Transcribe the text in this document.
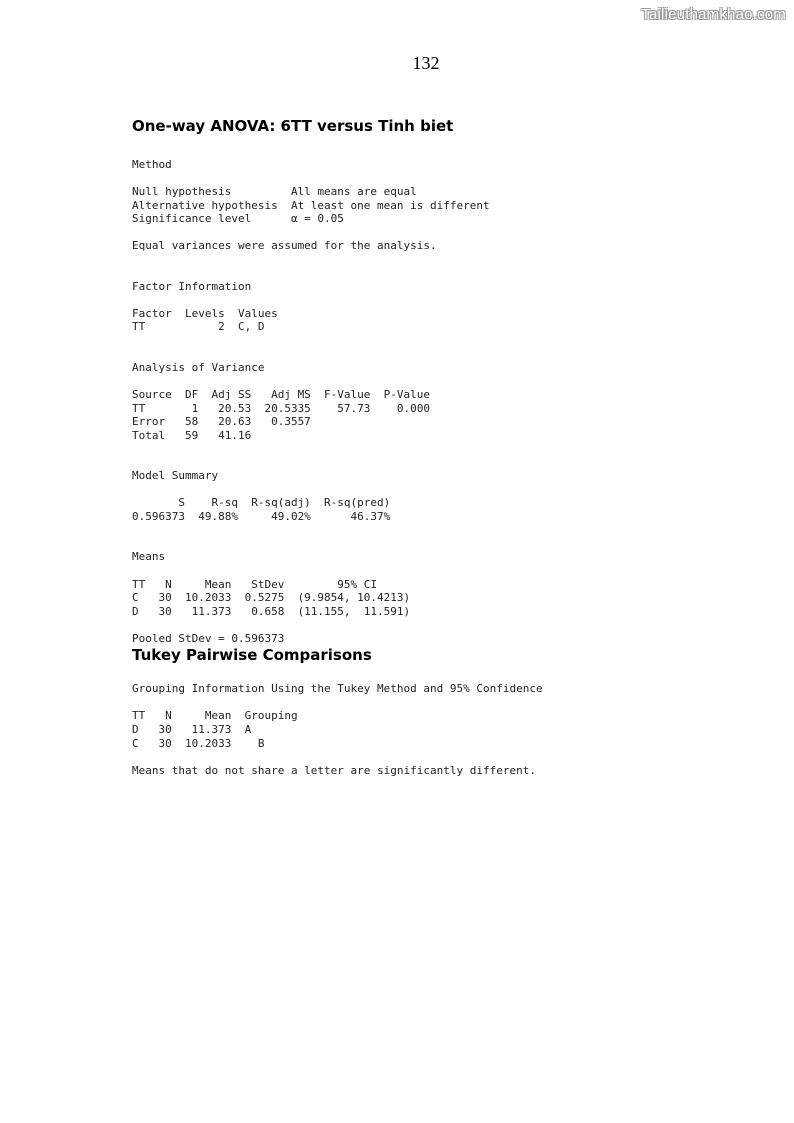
Tailieuthamkhao.com
132
One-way ANOVA: 6TT versus Tinh biet
Method
Null hypothesis         All means are equal
Alternative hypothesis  At least one mean is different
Significance level      α = 0.05
Equal variances were assumed for the analysis.
Factor Information
Factor  Levels  Values
TT           2  C, D
Analysis of Variance
Source  DF  Adj SS   Adj MS  F-Value  P-Value
TT       1   20.53  20.5335    57.73    0.000
Error   58   20.63   0.3557
Total   59   41.16
Model Summary
S    R-sq  R-sq(adj)  R-sq(pred)
0.596373  49.88%     49.02%      46.37%
Means
TT   N     Mean   StDev        95% CI
C   30  10.2033  0.5275  (9.9854, 10.4213)
D   30   11.373   0.658  (11.155,  11.591)
Pooled StDev = 0.596373
Tukey Pairwise Comparisons
Grouping Information Using the Tukey Method and 95% Confidence
TT   N     Mean  Grouping
D   30   11.373  A
C   30  10.2033    B
Means that do not share a letter are significantly different.
